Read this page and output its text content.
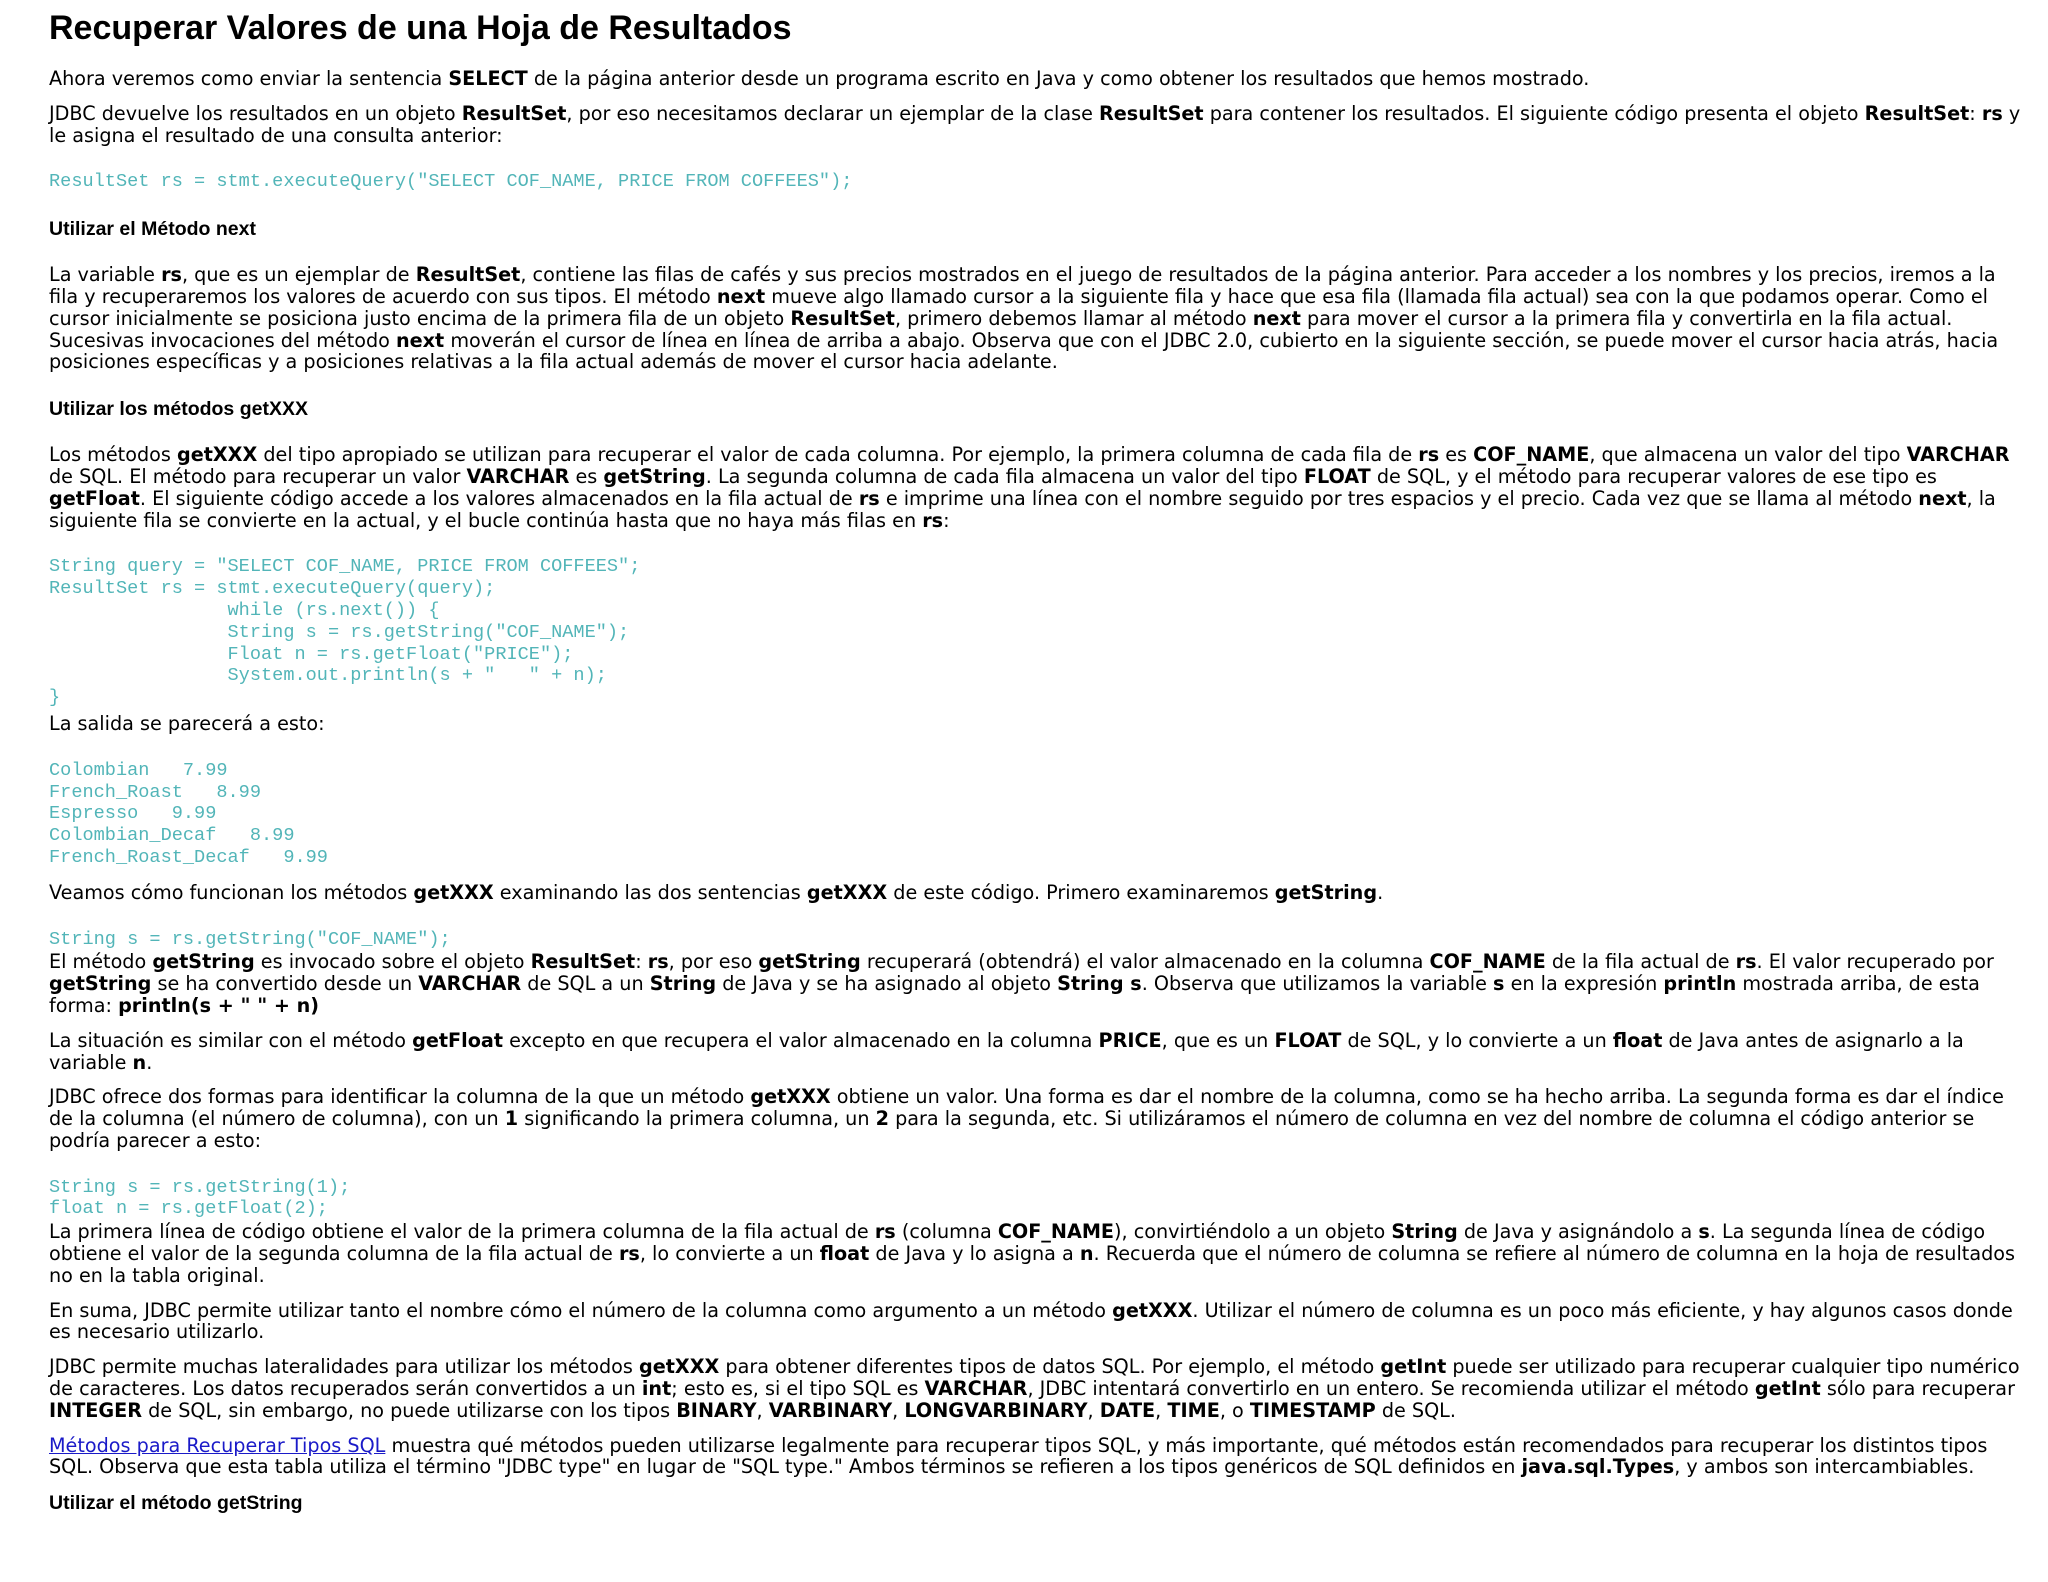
Recuperar Valores de una Hoja de Resultados

Ahora veremos como enviar la sentencia SELECT de la página anterior desde un programa escrito en Java y como obtener los resultados que hemos mostrado.

JDBC devuelve los resultados en un objeto ResultSet, por eso necesitamos declarar un ejemplar de la clase ResultSet para contener los resultados. El siguiente código presenta el objeto ResultSet: rs y le asigna el resultado de una consulta anterior:

ResultSet rs = stmt.executeQuery("SELECT COF_NAME, PRICE FROM COFFEES");
Utilizar el Método next

La variable rs, que es un ejemplar de ResultSet, contiene las filas de cafés y sus precios mostrados en el juego de resultados de la página anterior. Para acceder a los nombres y los precios, iremos a la fila y recuperaremos los valores de acuerdo con sus tipos. El método next mueve algo llamado cursor a la siguiente fila y hace que esa fila (llamada fila actual) sea con la que podamos operar. Como el cursor inicialmente se posiciona justo encima de la primera fila de un objeto ResultSet, primero debemos llamar al método next para mover el cursor a la primera fila y convertirla en la fila actual. Sucesivas invocaciones del método next moverán el cursor de línea en línea de arriba a abajo. Observa que con el JDBC 2.0, cubierto en la siguiente sección, se puede mover el cursor hacia atrás, hacia posiciones específicas y a posiciones relativas a la fila actual además de mover el cursor hacia adelante.

Utilizar los métodos getXXX

Los métodos getXXX del tipo apropiado se utilizan para recuperar el valor de cada columna. Por ejemplo, la primera columna de cada fila de rs es COF_NAME, que almacena un valor del tipo VARCHAR de SQL. El método para recuperar un valor VARCHAR es getString. La segunda columna de cada fila almacena un valor del tipo FLOAT de SQL, y el método para recuperar valores de ese tipo es getFloat. El siguiente código accede a los valores almacenados en la fila actual de rs e imprime una línea con el nombre seguido por tres espacios y el precio. Cada vez que se llama al método next, la siguiente fila se convierte en la actual, y el bucle continúa hasta que no haya más filas en rs:

String query = "SELECT COF_NAME, PRICE FROM COFFEES";
ResultSet rs = stmt.executeQuery(query);
while (rs.next()) {
String s = rs.getString("COF_NAME");
Float n = rs.getFloat("PRICE");
System.out.println(s + "   " + n);
}

La salida se parecerá a esto:

Colombian   7.99
French_Roast   8.99
Espresso   9.99
Colombian_Decaf   8.99
French_Roast_Decaf   9.99

Veamos cómo funcionan los métodos getXXX examinando las dos sentencias getXXX de este código. Primero examinaremos getString.

String s = rs.getString("COF_NAME");

El método getString es invocado sobre el objeto ResultSet: rs, por eso getString recuperará (obtendrá) el valor almacenado en la columna COF_NAME de la fila actual de rs. El valor recuperado por getString se ha convertido desde un VARCHAR de SQL a un String de Java y se ha asignado al objeto String s. Observa que utilizamos la variable s en la expresión println mostrada arriba, de esta forma: println(s + " " + n)

La situación es similar con el método getFloat excepto en que recupera el valor almacenado en la columna PRICE, que es un FLOAT de SQL, y lo convierte a un float de Java antes de asignarlo a la variable n.

JDBC ofrece dos formas para identificar la columna de la que un método getXXX obtiene un valor. Una forma es dar el nombre de la columna, como se ha hecho arriba. La segunda forma es dar el índice de la columna (el número de columna), con un 1 significando la primera columna, un 2 para la segunda, etc. Si utilizáramos el número de columna en vez del nombre de columna el código anterior se podría parecer a esto:

String s = rs.getString(1);
float n = rs.getFloat(2);

La primera línea de código obtiene el valor de la primera columna de la fila actual de rs (columna COF_NAME), convirtiéndolo a un objeto String de Java y asignándolo a s. La segunda línea de código obtiene el valor de la segunda columna de la fila actual de rs, lo convierte a un float de Java y lo asigna a n. Recuerda que el número de columna se refiere al número de columna en la hoja de resultados no en la tabla original.

En suma, JDBC permite utilizar tanto el nombre cómo el número de la columna como argumento a un método getXXX. Utilizar el número de columna es un poco más eficiente, y hay algunos casos donde es necesario utilizarlo.

JDBC permite muchas lateralidades para utilizar los métodos getXXX para obtener diferentes tipos de datos SQL. Por ejemplo, el método getInt puede ser utilizado para recuperar cualquier tipo numérico de caracteres. Los datos recuperados serán convertidos a un int; esto es, si el tipo SQL es VARCHAR, JDBC intentará convertirlo en un entero. Se recomienda utilizar el método getInt sólo para recuperar INTEGER de SQL, sin embargo, no puede utilizarse con los tipos BINARY, VARBINARY, LONGVARBINARY, DATE, TIME, o TIMESTAMP de SQL.

Métodos para Recuperar Tipos SQL muestra qué métodos pueden utilizarse legalmente para recuperar tipos SQL, y más importante, qué métodos están recomendados para recuperar los distintos tipos SQL. Observa que esta tabla utiliza el término "JDBC type" en lugar de "SQL type." Ambos términos se refieren a los tipos genéricos de SQL definidos en java.sql.Types, y ambos son intercambiables.

Utilizar el método getString
